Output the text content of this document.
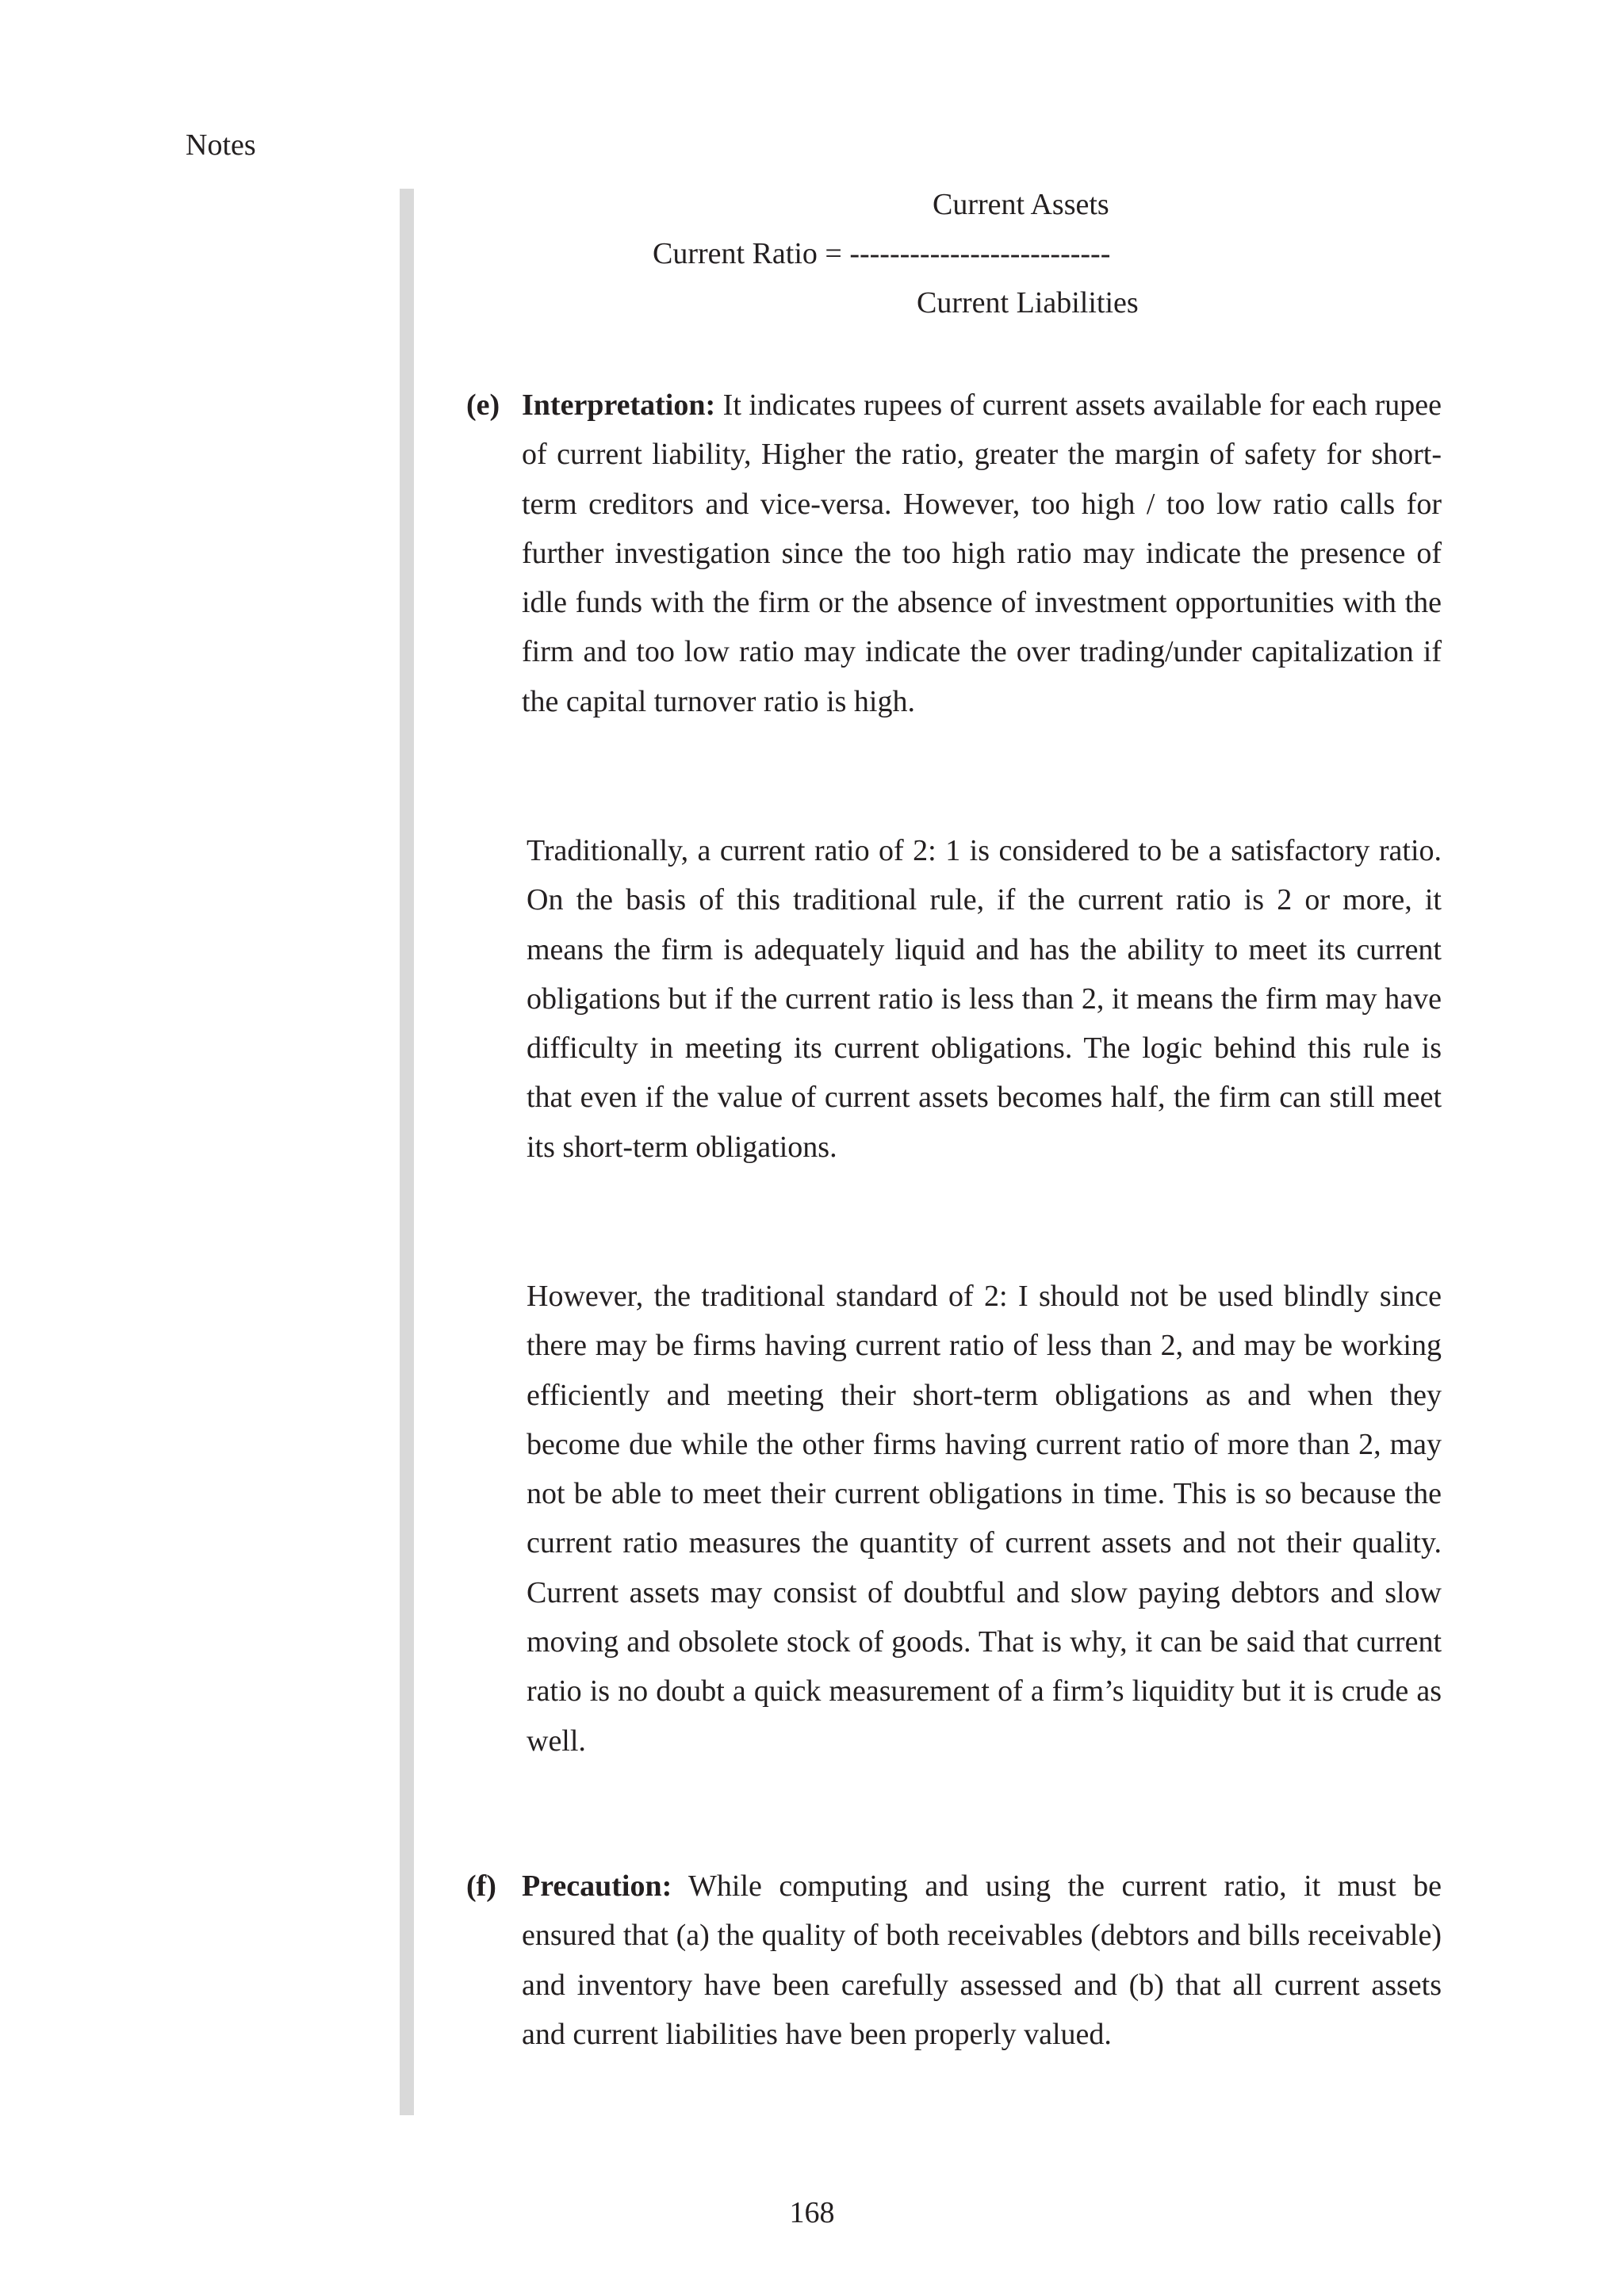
Notes
Current Assets
Current Ratio = --------------------------
Current Liabilities
(e) Interpretation: It indicates rupees of current assets available for each rupee of current liability, Higher the ratio, greater the margin of safety for short-term creditors and vice-versa. However, too high / too low ratio calls for further investigation since the too high ratio may indicate the presence of idle funds with the firm or the absence of investment opportunities with the firm and too low ratio may indicate the over trading/under capitalization if the capital turnover ratio is high.
Traditionally, a current ratio of 2: 1 is considered to be a satisfactory ratio. On the basis of this traditional rule, if the current ratio is 2 or more, it means the firm is adequately liquid and has the ability to meet its current obligations but if the current ratio is less than 2, it means the firm may have difficulty in meeting its current obligations. The logic behind this rule is that even if the value of current assets becomes half, the firm can still meet its short-term obligations.
However, the traditional standard of 2: I should not be used blindly since there may be firms having current ratio of less than 2, and may be working efficiently and meeting their short-term obligations as and when they become due while the other firms having current ratio of more than 2, may not be able to meet their current obligations in time. This is so because the current ratio measures the quantity of current assets and not their quality. Current assets may consist of doubtful and slow paying debtors and slow moving and obsolete stock of goods. That is why, it can be said that current ratio is no doubt a quick measurement of a firm’s liquidity but it is crude as well.
(f) Precaution: While computing and using the current ratio, it must be ensured that (a) the quality of both receivables (debtors and bills receivable) and inventory have been carefully assessed and (b) that all current assets and current liabilities have been properly valued.
168
